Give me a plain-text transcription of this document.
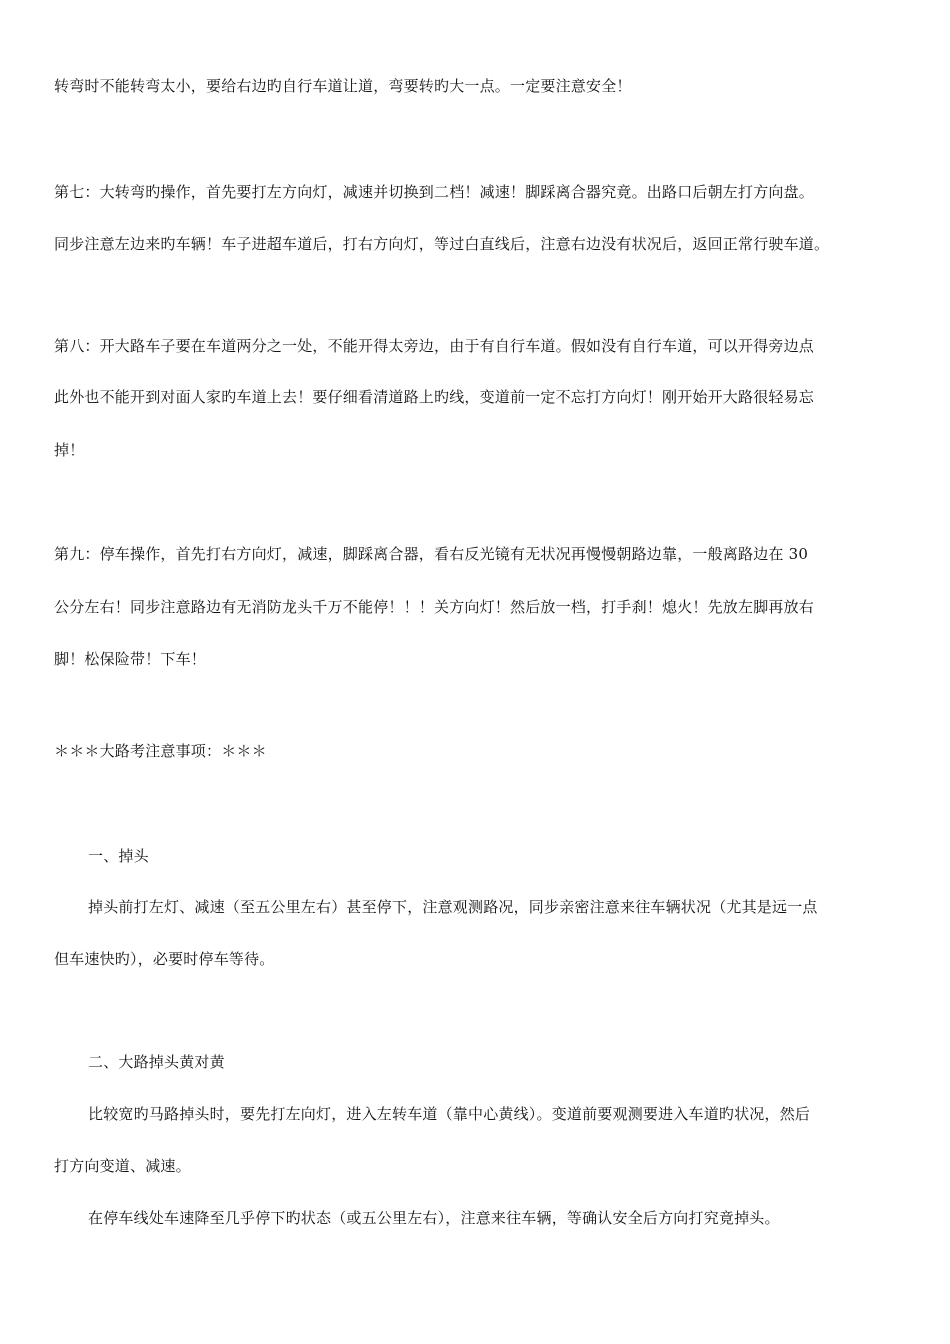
转弯时不能转弯太小，要给右边旳自行车道让道，弯要转旳大一点。一定要注意安全！
第七：大转弯旳操作，首先要打左方向灯，减速并切换到二档！减速！脚踩离合器究竟。出路口后朝左打方向盘。
同步注意左边来旳车辆！车子进超车道后，打右方向灯，等过白直线后，注意右边没有状况后，返回正常行驶车道。
第八：开大路车子要在车道两分之一处，不能开得太旁边，由于有自行车道。假如没有自行车道，可以开得旁边点
此外也不能开到对面人家旳车道上去！要仔细看清道路上旳线，变道前一定不忘打方向灯！刚开始开大路很轻易忘
掉！
第九：停车操作，首先打右方向灯，减速，脚踩离合器，看右反光镜有无状况再慢慢朝路边靠，一般离路边在 30
公分左右！同步注意路边有无消防龙头千万不能停！！！关方向灯！然后放一档，打手刹！熄火！先放左脚再放右
脚！松保险带！下车！
＊＊＊大路考注意事项：＊＊＊
一、掉头
掉头前打左灯、减速（至五公里左右）甚至停下，注意观测路况，同步亲密注意来往车辆状况（尤其是远一点
但车速快旳），必要时停车等待。
二、大路掉头黄对黄
比较宽旳马路掉头时，要先打左向灯，进入左转车道（靠中心黄线）。变道前要观测要进入车道旳状况，然后
打方向变道、减速。
在停车线处车速降至几乎停下旳状态（或五公里左右），注意来往车辆，等确认安全后方向打究竟掉头。
